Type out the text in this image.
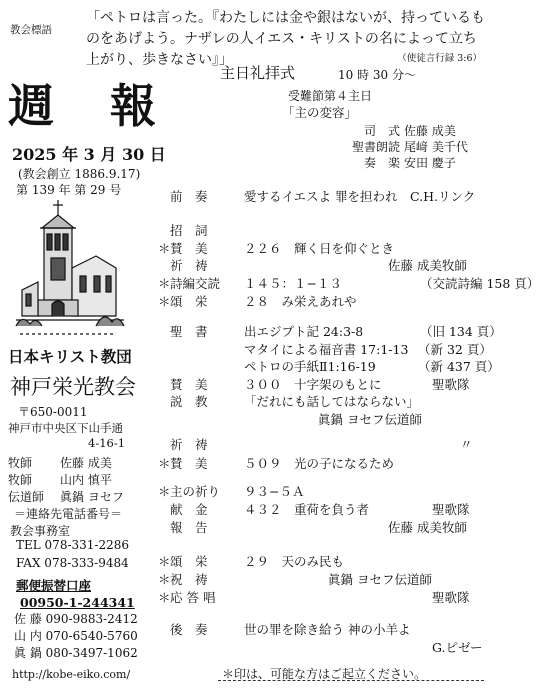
教会標語
「ペトロは言った。『わたしには金や銀はないが、持っているものをあげよう。ナザレの人イエス・キリストの名によって立ち上がり、歩きなさい』」	（使徒言行録 3:6）
週 報
2025 年 3 月 30 日
(教会創立 1886.9.17)
第 139 年 第 29 号
日本キリスト教団
神戸栄光教会
〒650-0011
神戸市中央区下山手通
4-16-1
牧師 佐藤 成美
牧師 山内 慎平
伝道師 眞鍋 ヨセフ
＝連絡先電話番号＝
教会事務室
TEL 078-331-2286
FAX 078-333-9484
郵便振替口座
00950-1-244341
佐 藤 090-9883-2412
山 内 070-6540-5760
眞 鍋 080-3497-1062
http://kobe-eiko.com/
主日礼拝式	10 時 30 分～
受難節第４主日
「主の変容」
司　式 佐藤 成美
聖書朗読 尾﨑 美千代
奏　楽 安田 慶子
前　奏	愛するイエスよ 罪を担われ　C.H.リンク
招　詞
＊ 賛　美	２２６　輝く日を仰ぐとき
祈　祷	佐藤 成美牧師
＊ 詩編交読 １４５：１−１３	（交読詩編 158 頁）
＊ 頌　栄	２８　み栄えあれや
聖　書	出エジプト記 24:3-8	（旧 134 頁）
マタイによる福音書 17:1-13 （新 32 頁）
ペトロの手紙Ⅱ1:16-19	（新 437 頁）
賛　美	３００　十字架のもとに	聖歌隊
説　教	「だれにも話してはならない」
眞鍋 ヨセフ伝道師
祈　祷	〃
＊ 賛　美	５０９　光の子になるため
＊ 主の祈り ９３−５Ａ
献　金	４３２　重荷を負う者	聖歌隊
報　告	佐藤 成美牧師
＊ 頌　栄	２９　天のみ民も
＊ 祝　祷	眞鍋 ヨセフ伝道師
＊ 応 答 唱	聖歌隊
後　奏	世の罪を除き給う 神の小羊よ
G.ピゼー
＊印は、可能な方はご起立ください。
